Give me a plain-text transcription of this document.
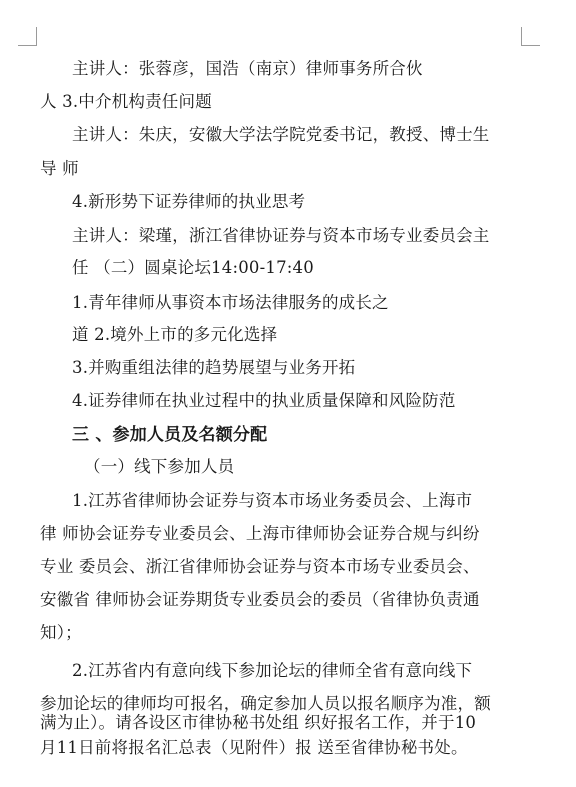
主讲人：张蓉彦，国浩（南京）律师事务所合伙
人 3.中介机构责任问题
主讲人：朱庆，安徽大学法学院党委书记，教授、博士生
导 师
4.新形势下证券律师的执业思考
主讲人：梁瑾，浙江省律协证券与资本市场专业委员会主
任 （二）圆桌论坛14:00-17:40
1.青年律师从事资本市场法律服务的成长之
道 2.境外上市的多元化选择
3.并购重组法律的趋势展望与业务开拓
4.证券律师在执业过程中的执业质量保障和风险防范
三 、参加人员及名额分配
（一）线下参加人员
1.江苏省律师协会证券与资本市场业务委员会、上海市
律 师协会证券专业委员会、上海市律师协会证券合规与纠纷
专业 委员会、浙江省律师协会证券与资本市场专业委员会、
安徽省 律师协会证券期货专业委员会的委员（省律协负责通
知）；
2.江苏省内有意向线下参加论坛的律师全省有意向线下
参加论坛的律师均可报名，确定参加人员以报名顺序为准，额
满为止）。请各设区市律协秘书处组 织好报名工作，并于10
月11日前将报名汇总表（见附件）报 送至省律协秘书处。
